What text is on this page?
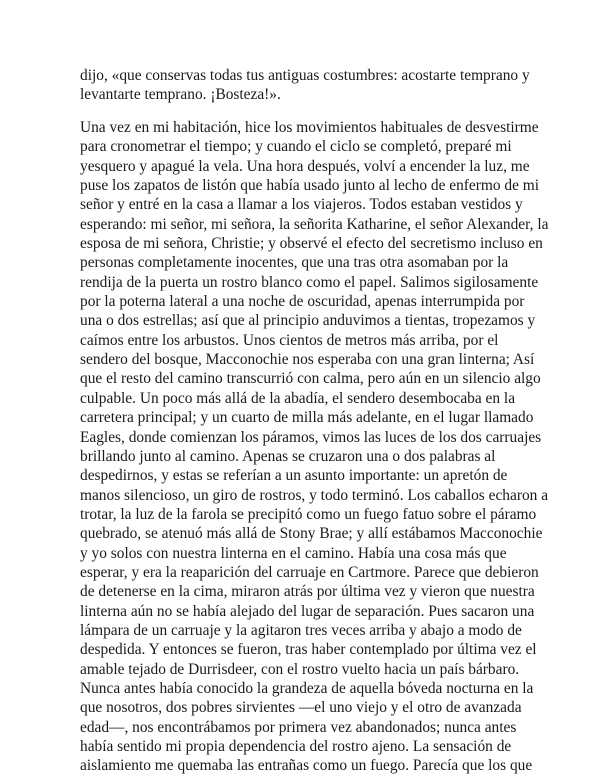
dijo, «que conservas todas tus antiguas costumbres: acostarte temprano y
levantarte temprano. ¡Bosteza!».
Una vez en mi habitación, hice los movimientos habituales de desvestirme
para cronometrar el tiempo; y cuando el ciclo se completó, preparé mi
yesquero y apagué la vela. Una hora después, volví a encender la luz, me
puse los zapatos de listón que había usado junto al lecho de enfermo de mi
señor y entré en la casa a llamar a los viajeros. Todos estaban vestidos y
esperando: mi señor, mi señora, la señorita Katharine, el señor Alexander, la
esposa de mi señora, Christie; y observé el efecto del secretismo incluso en
personas completamente inocentes, que una tras otra asomaban por la
rendija de la puerta un rostro blanco como el papel. Salimos sigilosamente
por la poterna lateral a una noche de oscuridad, apenas interrumpida por
una o dos estrellas; así que al principio anduvimos a tientas, tropezamos y
caímos entre los arbustos. Unos cientos de metros más arriba, por el
sendero del bosque, Macconochie nos esperaba con una gran linterna; Así
que el resto del camino transcurrió con calma, pero aún en un silencio algo
culpable. Un poco más allá de la abadía, el sendero desembocaba en la
carretera principal; y un cuarto de milla más adelante, en el lugar llamado
Eagles, donde comienzan los páramos, vimos las luces de los dos carruajes
brillando junto al camino. Apenas se cruzaron una o dos palabras al
despedirnos, y estas se referían a un asunto importante: un apretón de
manos silencioso, un giro de rostros, y todo terminó. Los caballos echaron a
trotar, la luz de la farola se precipitó como un fuego fatuo sobre el páramo
quebrado, se atenuó más allá de Stony Brae; y allí estábamos Macconochie
y yo solos con nuestra linterna en el camino. Había una cosa más que
esperar, y era la reaparición del carruaje en Cartmore. Parece que debieron
de detenerse en la cima, miraron atrás por última vez y vieron que nuestra
linterna aún no se había alejado del lugar de separación. Pues sacaron una
lámpara de un carruaje y la agitaron tres veces arriba y abajo a modo de
despedida. Y entonces se fueron, tras haber contemplado por última vez el
amable tejado de Durrisdeer, con el rostro vuelto hacia un país bárbaro.
Nunca antes había conocido la grandeza de aquella bóveda nocturna en la
que nosotros, dos pobres sirvientes —el uno viejo y el otro de avanzada
edad—, nos encontrábamos por primera vez abandonados; nunca antes
había sentido mi propia dependencia del rostro ajeno. La sensación de
aislamiento me quemaba las entrañas como un fuego. Parecía que los que
